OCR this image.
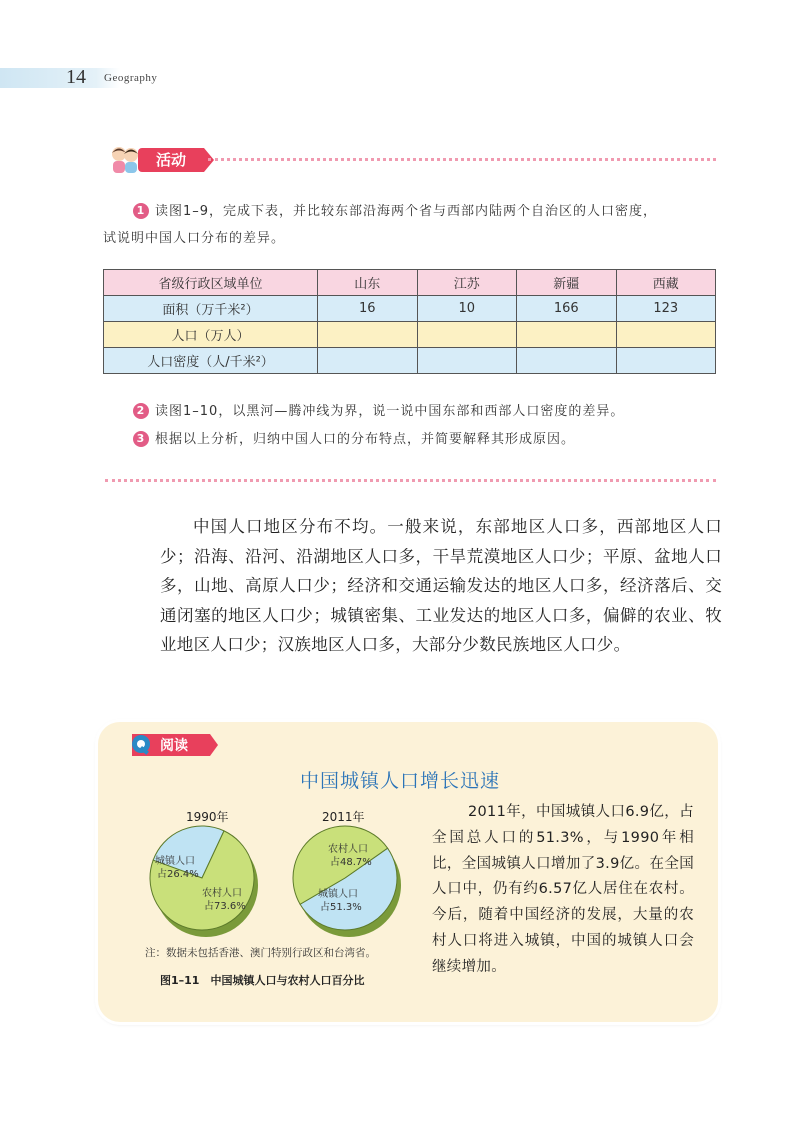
14 Geography
活动
1 读图1–9，完成下表，并比较东部沿海两个省与西部内陆两个自治区的人口密度，
试说明中国人口分布的差异。
省级行政区域单位	山东	江苏	新疆	西藏
面积（万千米²）	16	10	166	123
人口（万人）				
人口密度（人/千米²）				
2 读图1–10，以黑河—腾冲线为界，说一说中国东部和西部人口密度的差异。
3 根据以上分析，归纳中国人口的分布特点，并简要解释其形成原因。
中国人口地区分布不均。一般来说，东部地区人口多，西部地区人口少；沿海、沿河、沿湖地区人口多，干旱荒漠地区人口少；平原、盆地人口多，山地、高原人口少；经济和交通运输发达的地区人口多，经济落后、交通闭塞的地区人口少；城镇密集、工业发达的地区人口多，偏僻的农业、牧业地区人口少；汉族地区人口多，大部分少数民族地区人口少。
阅读
中国城镇人口增长迅速
1990年	2011年
城镇人口
占26.4%
农村人口
占73.6%
农村人口
占48.7%
城镇人口
占51.3%
注：数据未包括香港、澳门特别行政区和台湾省。
图1–11　中国城镇人口与农村人口百分比
2011年，中国城镇人口6.9亿，占全国总人口的51.3%，与1990年相比，全国城镇人口增加了3.9亿。在全国人口中，仍有约6.57亿人居住在农村。今后，随着中国经济的发展，大量的农村人口将进入城镇，中国的城镇人口会继续增加。
